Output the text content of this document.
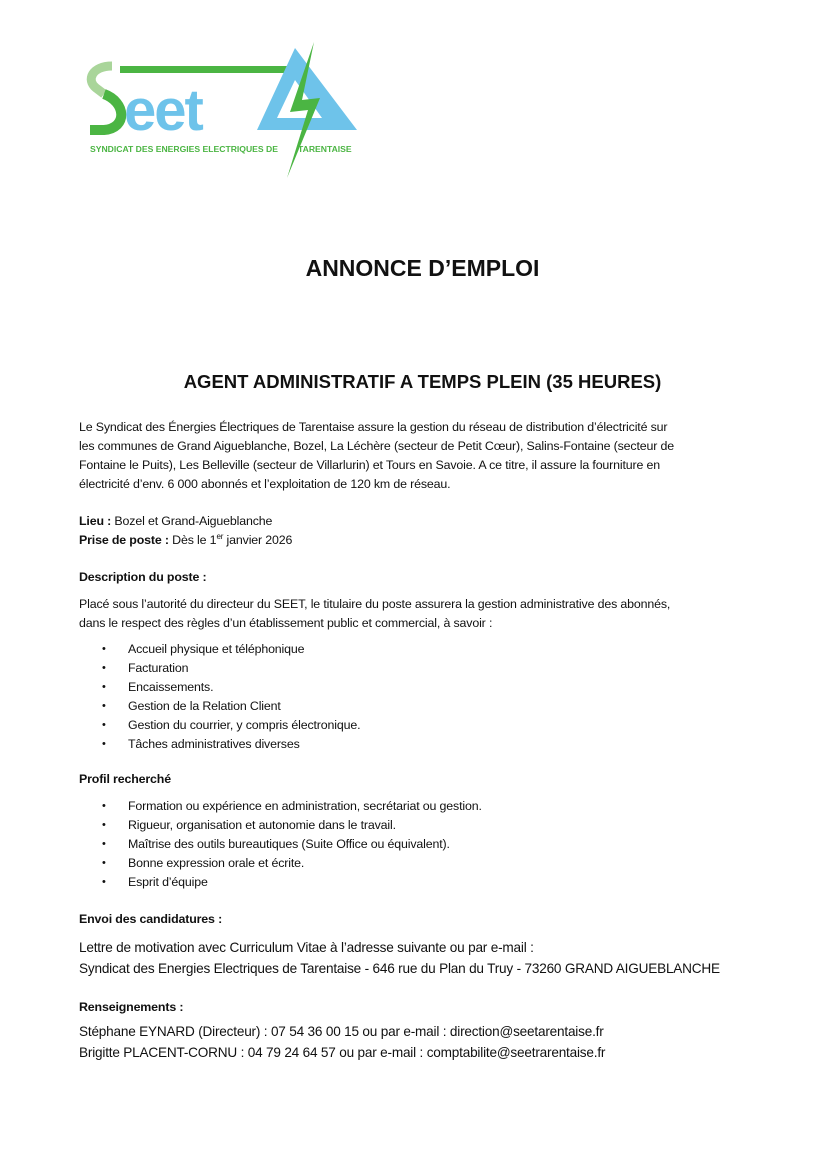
eet
SYNDICAT DES ENERGIES ELECTRIQUES DE TARENTAISE
ANNONCE D’EMPLOI
AGENT ADMINISTRATIF A TEMPS PLEIN (35 HEURES)
Le Syndicat des Énergies Électriques de Tarentaise assure la gestion du réseau de distribution d’électricité sur
les communes de Grand Aigueblanche, Bozel, La Léchère (secteur de Petit Cœur), Salins-Fontaine (secteur de
Fontaine le Puits), Les Belleville (secteur de Villarlurin) et Tours en Savoie. A ce titre, il assure la fourniture en
électricité d’env. 6 000 abonnés et l’exploitation de 120 km de réseau.
Lieu : Bozel et Grand-Aigueblanche
Prise de poste : Dès le 1er janvier 2026
Description du poste :
Placé sous l’autorité du directeur du SEET, le titulaire du poste assurera la gestion administrative des abonnés,
dans le respect des règles d’un établissement public et commercial, à savoir :
• Accueil physique et téléphonique
• Facturation
• Encaissements.
• Gestion de la Relation Client
• Gestion du courrier, y compris électronique.
• Tâches administratives diverses
Profil recherché
• Formation ou expérience en administration, secrétariat ou gestion.
• Rigueur, organisation et autonomie dans le travail.
• Maîtrise des outils bureautiques (Suite Office ou équivalent).
• Bonne expression orale et écrite.
• Esprit d’équipe
Envoi des candidatures :
Lettre de motivation avec Curriculum Vitae à l’adresse suivante ou par e-mail :
Syndicat des Energies Electriques de Tarentaise - 646 rue du Plan du Truy - 73260 GRAND AIGUEBLANCHE
Renseignements :
Stéphane EYNARD (Directeur) : 07 54 36 00 15 ou par e-mail : direction@seetarentaise.fr
Brigitte PLACENT-CORNU : 04 79 24 64 57 ou par e-mail : comptabilite@seetrarentaise.fr
